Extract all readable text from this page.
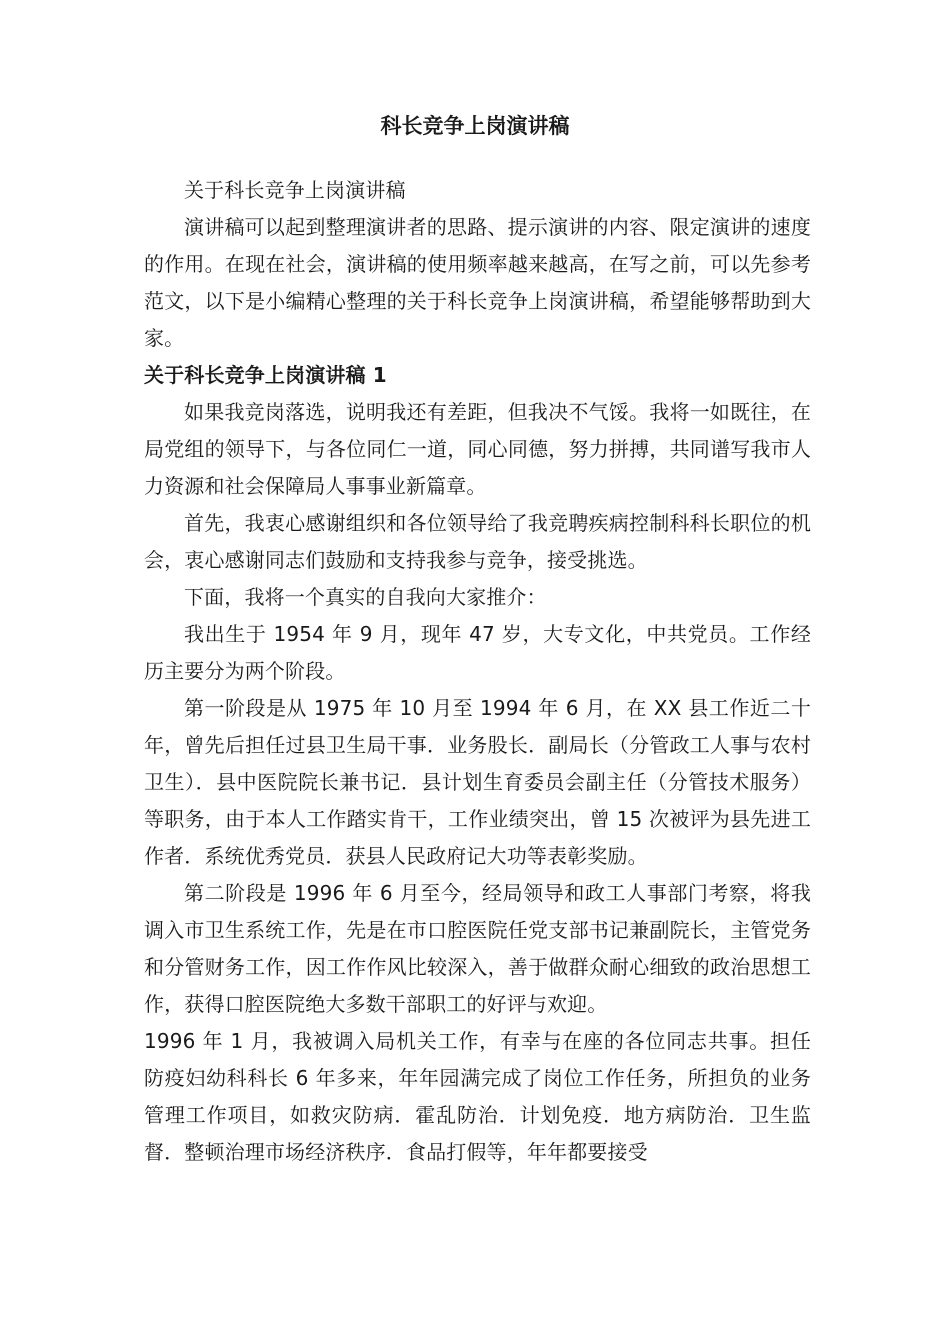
科长竞争上岗演讲稿

关于科长竞争上岗演讲稿

演讲稿可以起到整理演讲者的思路、提示演讲的内容、限定演讲的速度的作用。在现在社会，演讲稿的使用频率越来越高，在写之前，可以先参考范文，以下是小编精心整理的关于科长竞争上岗演讲稿，希望能够帮助到大家。

关于科长竞争上岗演讲稿 1

如果我竞岗落选，说明我还有差距，但我决不气馁。我将一如既往，在局党组的领导下，与各位同仁一道，同心同德，努力拼搏，共同谱写我市人力资源和社会保障局人事事业新篇章。

首先，我衷心感谢组织和各位领导给了我竞聘疾病控制科科长职位的机会，衷心感谢同志们鼓励和支持我参与竞争，接受挑选。

下面，我将一个真实的自我向大家推介：

我出生于 1954 年 9 月，现年 47 岁，大专文化，中共党员。工作经历主要分为两个阶段。

第一阶段是从 1975 年 10 月至 1994 年 6 月，在 XX 县工作近二十年，曾先后担任过县卫生局干事．业务股长．副局长（分管政工人事与农村卫生）．县中医院院长兼书记．县计划生育委员会副主任（分管技术服务）等职务，由于本人工作踏实肯干，工作业绩突出，曾 15 次被评为县先进工作者．系统优秀党员．获县人民政府记大功等表彰奖励。

第二阶段是 1996 年 6 月至今，经局领导和政工人事部门考察，将我调入市卫生系统工作，先是在市口腔医院任党支部书记兼副院长，主管党务和分管财务工作，因工作作风比较深入，善于做群众耐心细致的政治思想工作，获得口腔医院绝大多数干部职工的好评与欢迎。

1996 年 1 月，我被调入局机关工作，有幸与在座的各位同志共事。担任防疫妇幼科科长 6 年多来，年年园满完成了岗位工作任务，所担负的业务管理工作项目，如救灾防病．霍乱防治．计划免疫．地方病防治．卫生监督．整顿治理市场经济秩序．食品打假等，年年都要接受
